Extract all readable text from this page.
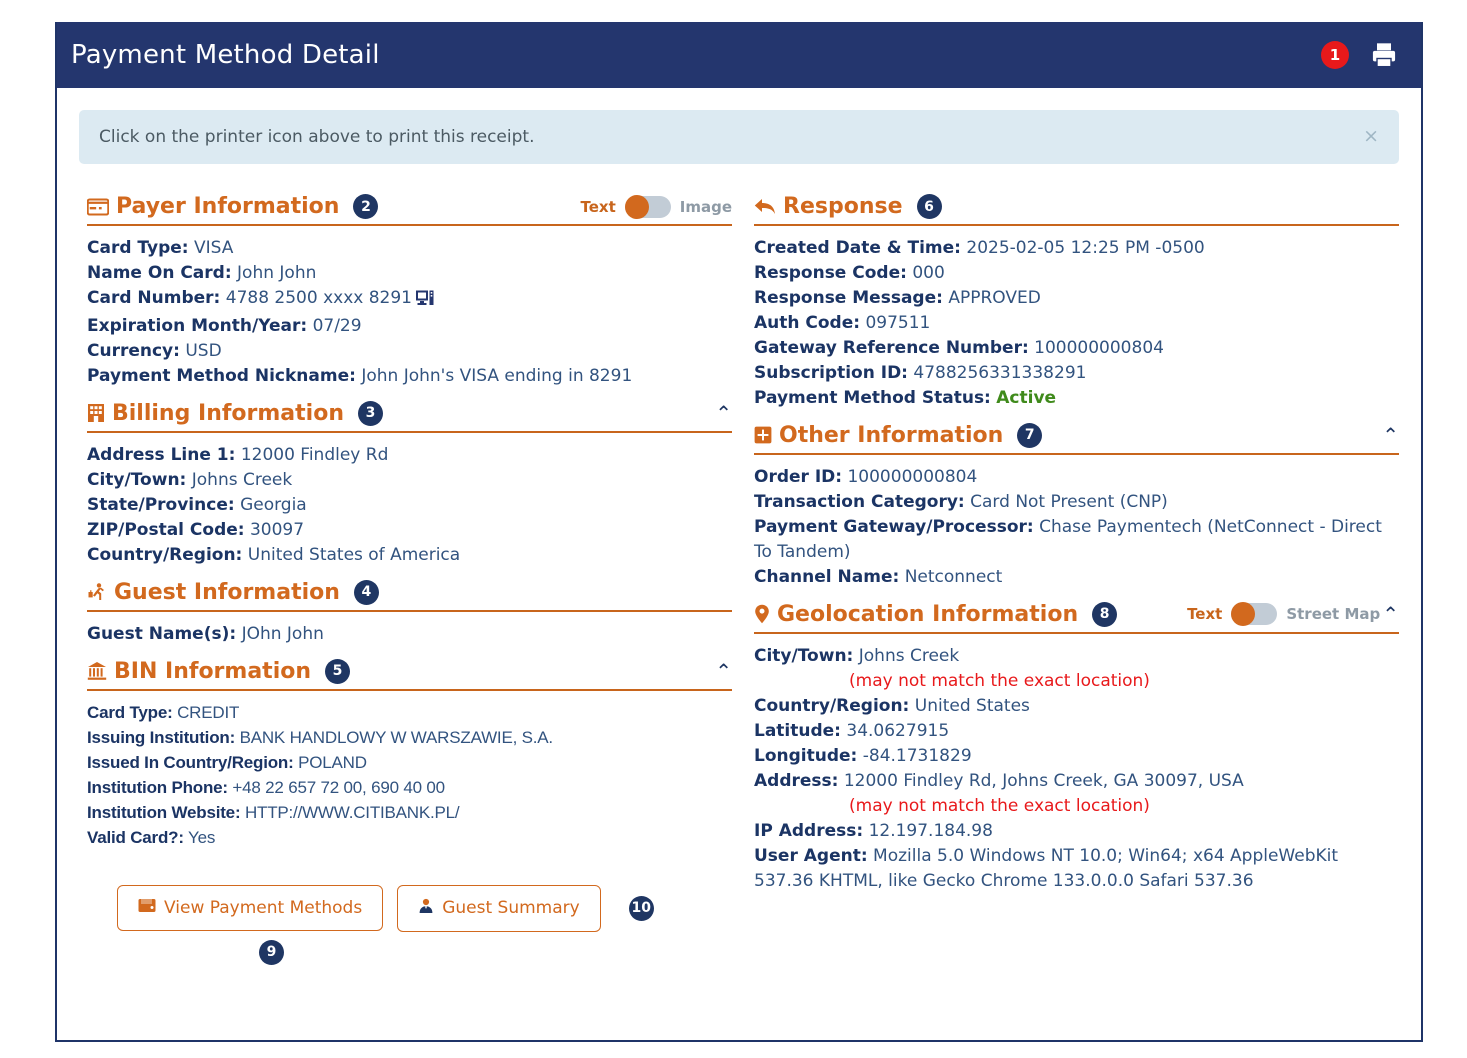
Payment Method Detail	1
Click on the printer icon above to print this receipt.	×
Payer Information	2	Text	Image
Card Type: VISA
Name On Card: John John
Card Number: 4788 2500 xxxx 8291
Expiration Month/Year: 07/29
Currency: USD
Payment Method Nickname: John John's VISA ending in 8291
Billing Information	3	⌃
Address Line 1: 12000 Findley Rd
City/Town: Johns Creek
State/Province: Georgia
ZIP/Postal Code: 30097
Country/Region: United States of America
Guest Information	4
Guest Name(s): JOhn John
BIN Information	5	⌃
Card Type: CREDIT
Issuing Institution: BANK HANDLOWY W WARSZAWIE, S.A.
Issued In Country/Region: POLAND
Institution Phone: +48 22 657 72 00, 690 40 00
Institution Website: HTTP://WWW.CITIBANK.PL/
Valid Card?: Yes
View Payment Methods	Guest Summary	10
9
Response	6
Created Date & Time: 2025-02-05 12:25 PM -0500
Response Code: 000
Response Message: APPROVED
Auth Code: 097511
Gateway Reference Number: 100000000804
Subscription ID: 4788256331338291
Payment Method Status: Active
Other Information	7	⌃
Order ID: 100000000804
Transaction Category: Card Not Present (CNP)
Payment Gateway/Processor: Chase Paymentech (NetConnect - Direct To Tandem)
Channel Name: Netconnect
Geolocation Information	8	Text	Street Map ⌃
City/Town: Johns Creek
(may not match the exact location)
Country/Region: United States
Latitude: 34.0627915
Longitude: -84.1731829
Address: 12000 Findley Rd, Johns Creek, GA 30097, USA
(may not match the exact location)
IP Address: 12.197.184.98
User Agent: Mozilla 5.0 Windows NT 10.0; Win64; x64 AppleWebKit 537.36 KHTML, like Gecko Chrome 133.0.0.0 Safari 537.36
